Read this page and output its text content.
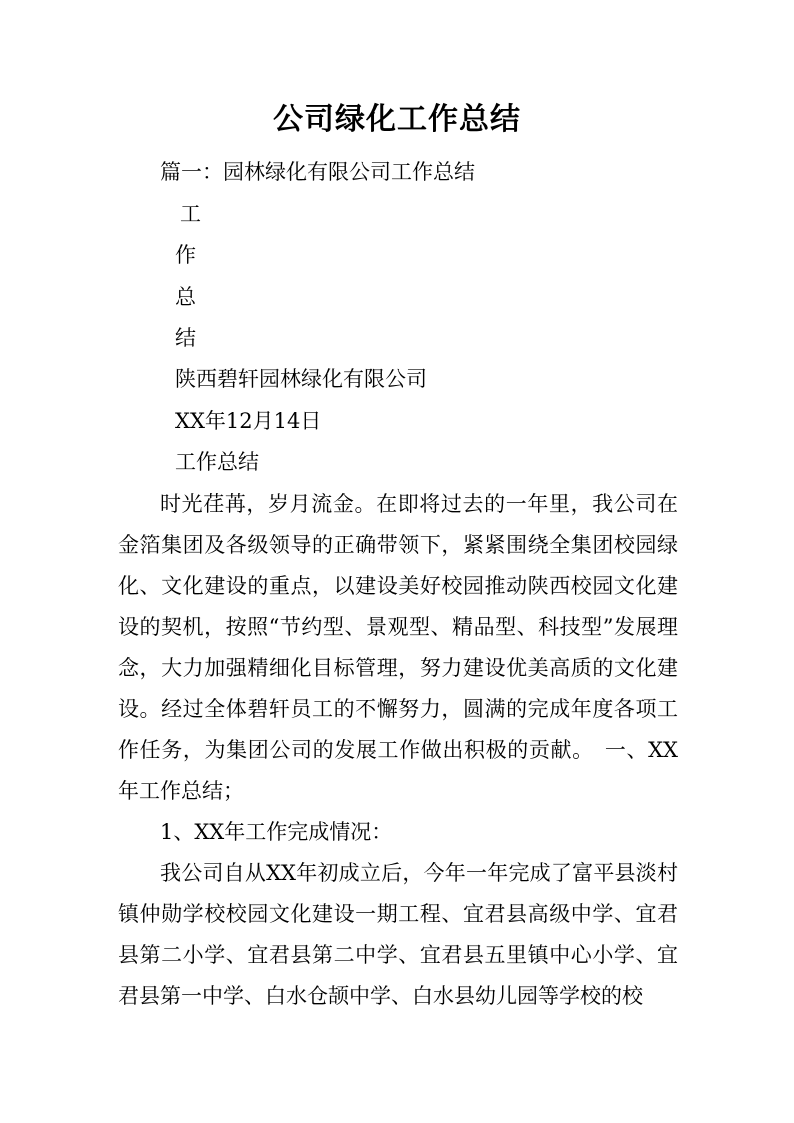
公司绿化工作总结
篇一：园林绿化有限公司工作总结
工
作
总
结
陕西碧轩园林绿化有限公司
XX年12月14日
工作总结

时光荏苒，岁月流金。在即将过去的一年里，我公司在金箔集团及各级领导的正确带领下，紧紧围绕全集团校园绿化、文化建设的重点，以建设美好校园推动陕西校园文化建设的契机，按照“节约型、景观型、精品型、科技型”发展理念，大力加强精细化目标管理，努力建设优美高质的文化建设。经过全体碧轩员工的不懈努力，圆满的完成年度各项工作任务，为集团公司的发展工作做出积极的贡献。　一、XX年工作总结；

1、XX年工作完成情况：

我公司自从XX年初成立后，今年一年完成了富平县淡村镇仲勋学校校园文化建设一期工程、宜君县高级中学、宜君县第二小学、宜君县第二中学、宜君县五里镇中心小学、宜君县第一中学、白水仓颉中学、白水县幼儿园等学校的校
